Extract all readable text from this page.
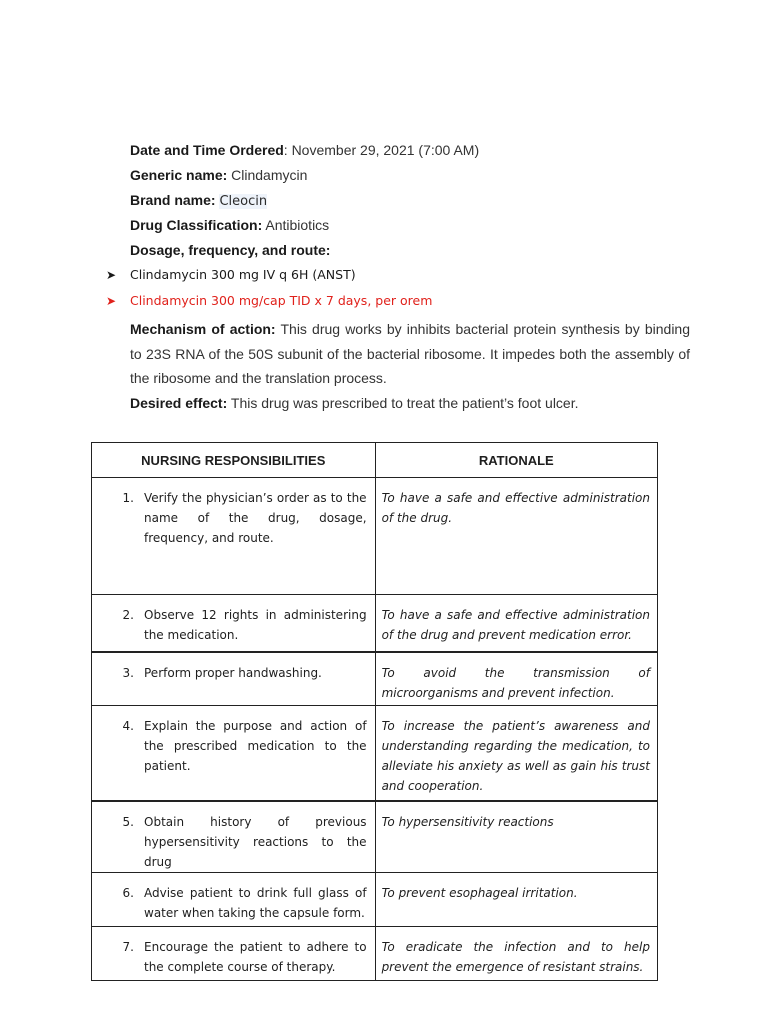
Date and Time Ordered: November 29, 2021 (7:00 AM)
Generic name: Clindamycin
Brand name: Cleocin
Drug Classification: Antibiotics
Dosage, frequency, and route:
➤ Clindamycin 300 mg IV q 6H (ANST)
➤ Clindamycin 300 mg/cap TID x 7 days, per orem
Mechanism of action: This drug works by inhibits bacterial protein synthesis by binding to 23S RNA of the 50S subunit of the bacterial ribosome. It impedes both the assembly of the ribosome and the translation process.
Desired effect: This drug was prescribed to treat the patient’s foot ulcer.
NURSING RESPONSIBILITIES	RATIONALE

1. Verify the physician’s order as to the name of the drug, dosage, frequency, and route.	To have a safe and effective administration of the drug.

2. Observe 12 rights in administering the medication.	To have a safe and effective administration of the drug and prevent medication error.

3. Perform proper handwashing.	To avoid the transmission of microorganisms and prevent infection.

4. Explain the purpose and action of the prescribed medication to the patient.	To increase the patient’s awareness and understanding regarding the medication, to alleviate his anxiety as well as gain his trust and cooperation.

5. Obtain history of previous hypersensitivity reactions to the drug	To hypersensitivity reactions

6. Advise patient to drink full glass of water when taking the capsule form.	To prevent esophageal irritation.

7. Encourage the patient to adhere to the complete course of therapy.	To eradicate the infection and to help prevent the emergence of resistant strains.
